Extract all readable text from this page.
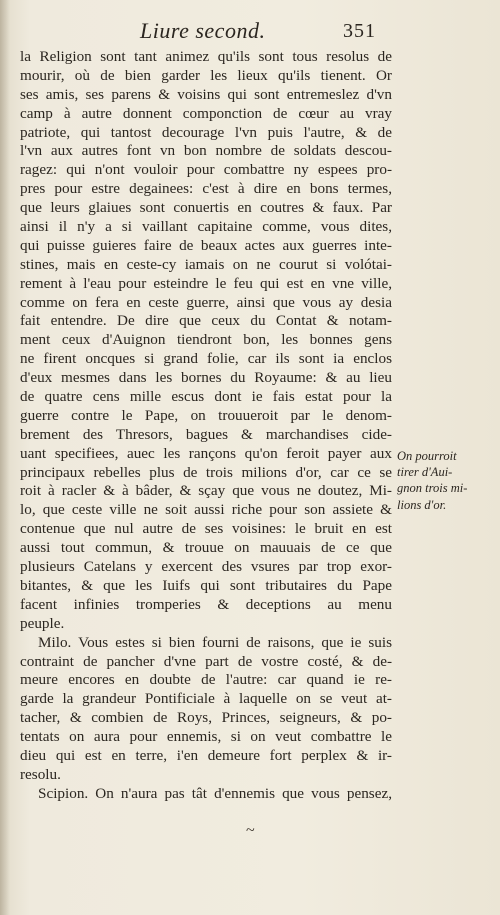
Liure second.	351
la Religion sont tant animez qu'ils sont tous resolus de
mourir, où de bien garder les lieux qu'ils tienent. Or
ses amis, ses parens & voisins qui sont entremeslez d'vn
camp à autre donnent componction de cœur au vray
patriote, qui tantost decourage l'vn puis l'autre, & de
l'vn aux autres font vn bon nombre de soldats descou-
ragez: qui n'ont vouloir pour combattre ny espees pro-
pres pour estre degainees: c'est à dire en bons termes,
que leurs glaiues sont conuertis en coutres & faux. Par
ainsi il n'y a si vaillant capitaine comme, vous dites,
qui puisse guieres faire de beaux actes aux guerres inte-
stines, mais en ceste-cy iamais on ne courut si volótai-
rement à l'eau pour esteindre le feu qui est en vne ville,
comme on fera en ceste guerre, ainsi que vous ay desia
fait entendre. De dire que ceux du Contat & notam-
ment ceux d'Auignon tiendront bon, les bonnes gens
ne firent oncques si grand folie, car ils sont ia enclos
d'eux mesmes dans les bornes du Royaume: & au lieu
de quatre cens mille escus dont ie fais estat pour la
guerre contre le Pape, on trouueroit par le denom-
brement des Thresors, bagues & marchandises cide-
uant specifiees, auec les rançons qu'on feroit payer aux
principaux rebelles plus de trois milions d'or, car ce se
roit à racler & à bâder, & sçay que vous ne doutez, Mi-
lo, que ceste ville ne soit aussi riche pour son assiete &
contenue que nul autre de ses voisines: le bruit en est
aussi tout commun, & trouue on mauuais de ce que
plusieurs Catelans y exercent des vsures par trop exor-
bitantes, & que les Iuifs qui sont tributaires du Pape
facent infinies tromperies & deceptions au menu
peuple.
Milo. Vous estes si bien fourni de raisons, que ie suis
contraint de pancher d'vne part de vostre costé, & de-
meure encores en doubte de l'autre: car quand ie re-
garde la grandeur Pontificiale à laquelle on se veut at-
tacher, & combien de Roys, Princes, seigneurs, & po-
tentats on aura pour ennemis, si on veut combattre le
dieu qui est en terre, i'en demeure fort perplex & ir-
resolu.
Scipion. On n'aura pas tât d'ennemis que vous pensez,
On pourroit
tirer d'Aui-
gnon trois mi-
lions d'or.
~
